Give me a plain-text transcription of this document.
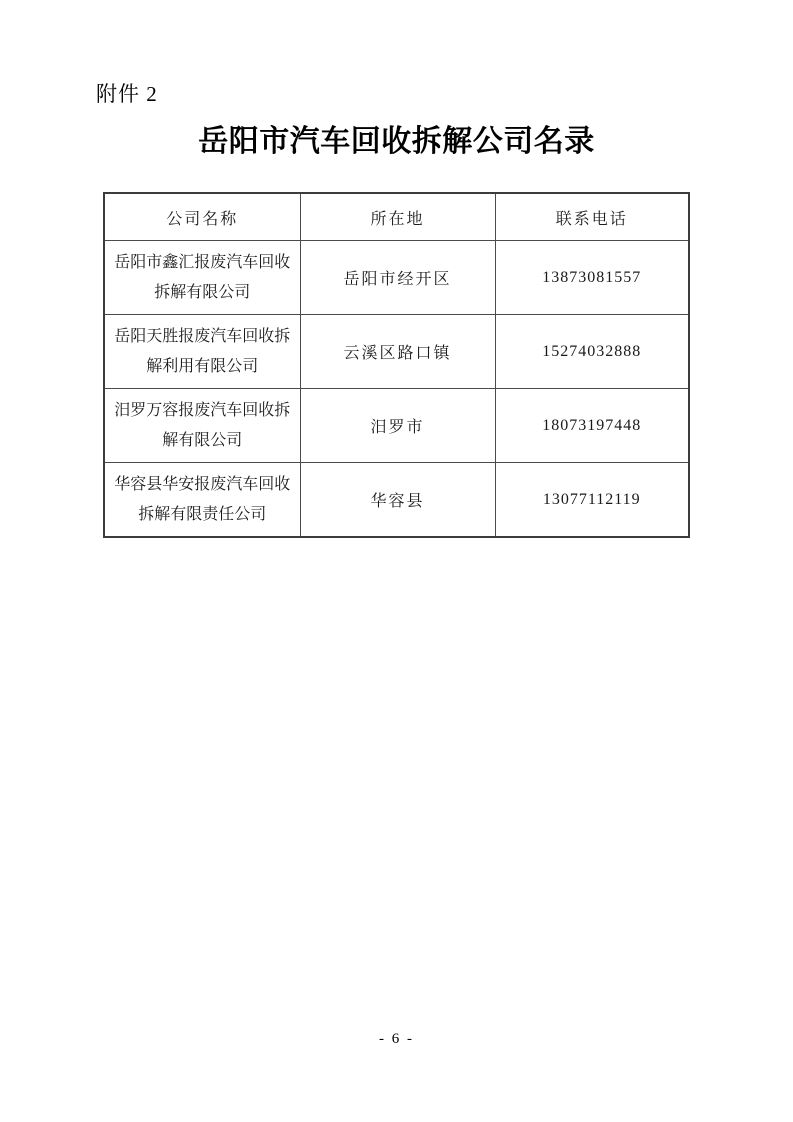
附件 2
岳阳市汽车回收拆解公司名录
公司名称	所在地	联系电话
岳阳市鑫汇报废汽车回收拆解有限公司	岳阳市经开区	13873081557
岳阳天胜报废汽车回收拆解利用有限公司	云溪区路口镇	15274032888
汨罗万容报废汽车回收拆解有限公司	汨罗市	18073197448
华容县华安报废汽车回收拆解有限责任公司	华容县	13077112119
- 6 -
